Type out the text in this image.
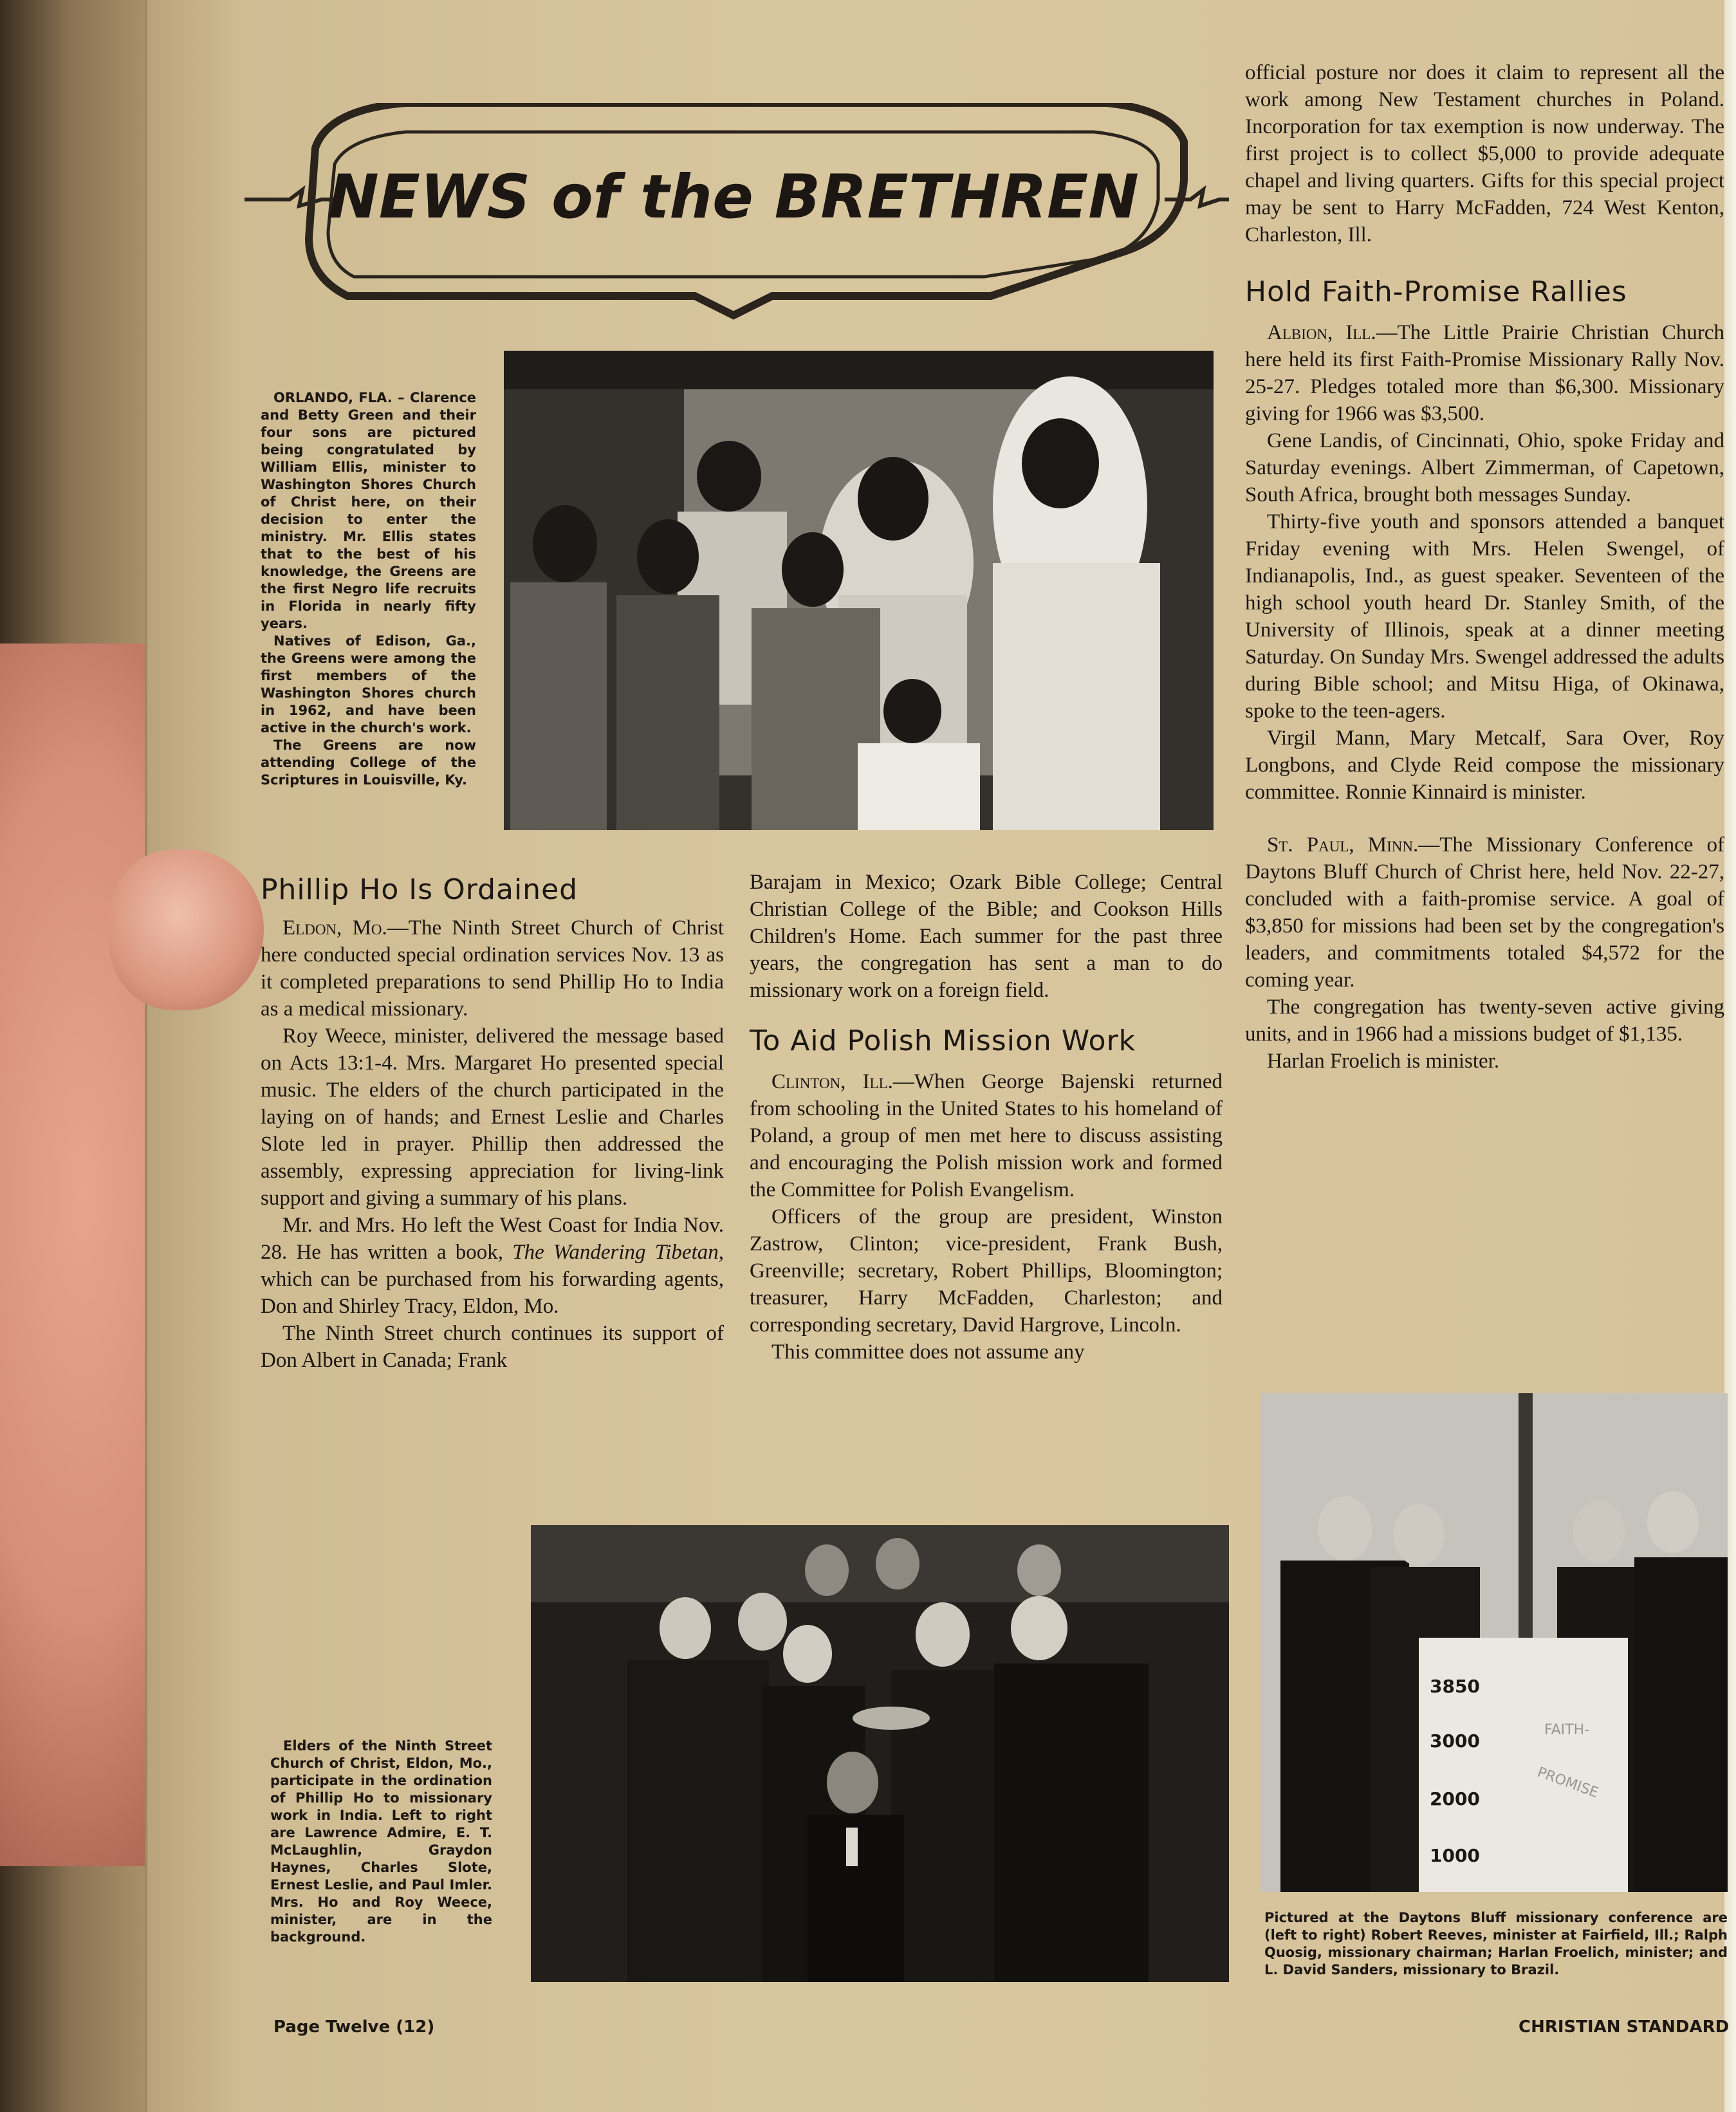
NEWS of the BRETHREN

ORLANDO, FLA. – Clarence and Betty Green and their four sons are pictured being congratulated by William Ellis, minister to Washington Shores Church of Christ here, on their decision to enter the ministry. Mr. Ellis states that to the best of his knowledge, the Greens are the first Negro life recruits in Florida in nearly fifty years.

Natives of Edison, Ga., the Greens were among the first members of the Washington Shores church in 1962, and have been active in the church's work.

The Greens are now attending College of the Scriptures in Louisville, Ky.

Phillip Ho Is Ordained

Eldon, Mo.—The Ninth Street Church of Christ here conducted special ordination services Nov. 13 as it completed preparations to send Phillip Ho to India as a medical missionary.

Roy Weece, minister, delivered the message based on Acts 13:1-4. Mrs. Margaret Ho presented special music. The elders of the church participated in the laying on of hands; and Ernest Leslie and Charles Slote led in prayer. Phillip then addressed the assembly, expressing appreciation for living-link support and giving a summary of his plans.

Mr. and Mrs. Ho left the West Coast for India Nov. 28. He has written a book, The Wandering Tibetan, which can be purchased from his forwarding agents, Don and Shirley Tracy, Eldon, Mo.

The Ninth Street church continues its support of Don Albert in Canada; Frank

Barajam in Mexico; Ozark Bible College; Central Christian College of the Bible; and Cookson Hills Children's Home. Each summer for the past three years, the congregation has sent a man to do missionary work on a foreign field.

To Aid Polish Mission Work

Clinton, Ill.—When George Bajenski returned from schooling in the United States to his homeland of Poland, a group of men met here to discuss assisting and encouraging the Polish mission work and formed the Committee for Polish Evangelism.

Officers of the group are president, Winston Zastrow, Clinton; vice-president, Frank Bush, Greenville; secretary, Robert Phillips, Bloomington; treasurer, Harry McFadden, Charleston; and corresponding secretary, David Hargrove, Lincoln.

This committee does not assume any

official posture nor does it claim to represent all the work among New Testament churches in Poland. Incorporation for tax exemption is now underway. The first project is to collect $5,000 to provide adequate chapel and living quarters. Gifts for this special project may be sent to Harry McFadden, 724 West Kenton, Charleston, Ill.

Hold Faith-Promise Rallies

Albion, Ill.—The Little Prairie Christian Church here held its first Faith-Promise Missionary Rally Nov. 25-27. Pledges totaled more than $6,300. Missionary giving for 1966 was $3,500.

Gene Landis, of Cincinnati, Ohio, spoke Friday and Saturday evenings. Albert Zimmerman, of Capetown, South Africa, brought both messages Sunday.

Thirty-five youth and sponsors attended a banquet Friday evening with Mrs. Helen Swengel, of Indianapolis, Ind., as guest speaker. Seventeen of the high school youth heard Dr. Stanley Smith, of the University of Illinois, speak at a dinner meeting Saturday. On Sunday Mrs. Swengel addressed the adults during Bible school; and Mitsu Higa, of Okinawa, spoke to the teen-agers.

Virgil Mann, Mary Metcalf, Sara Over, Roy Longbons, and Clyde Reid compose the missionary committee. Ronnie Kinnaird is minister.

St. Paul, Minn.—The Missionary Conference of Daytons Bluff Church of Christ here, held Nov. 22-27, concluded with a faith-promise service. A goal of $3,850 for missions had been set by the congregation's leaders, and commitments totaled $4,572 for the coming year.

The congregation has twenty-seven active giving units, and in 1966 had a missions budget of $1,135.

Harlan Froelich is minister.

Elders of the Ninth Street Church of Christ, Eldon, Mo., participate in the ordination of Phillip Ho to missionary work in India. Left to right are Lawrence Admire, E. T. McLaughlin, Graydon Haynes, Charles Slote, Ernest Leslie, and Paul Imler. Mrs. Ho and Roy Weece, minister, are in the background.
3850
3000
2000
1000
FAITH-
PROMISE
Pictured at the Daytons Bluff missionary conference are (left to right) Robert Reeves, minister at Fairfield, Ill.; Ralph Quosig, missionary chairman; Harlan Froelich, minister; and L. David Sanders, missionary to Brazil.
Page Twelve (12)	CHRISTIAN STANDARD
